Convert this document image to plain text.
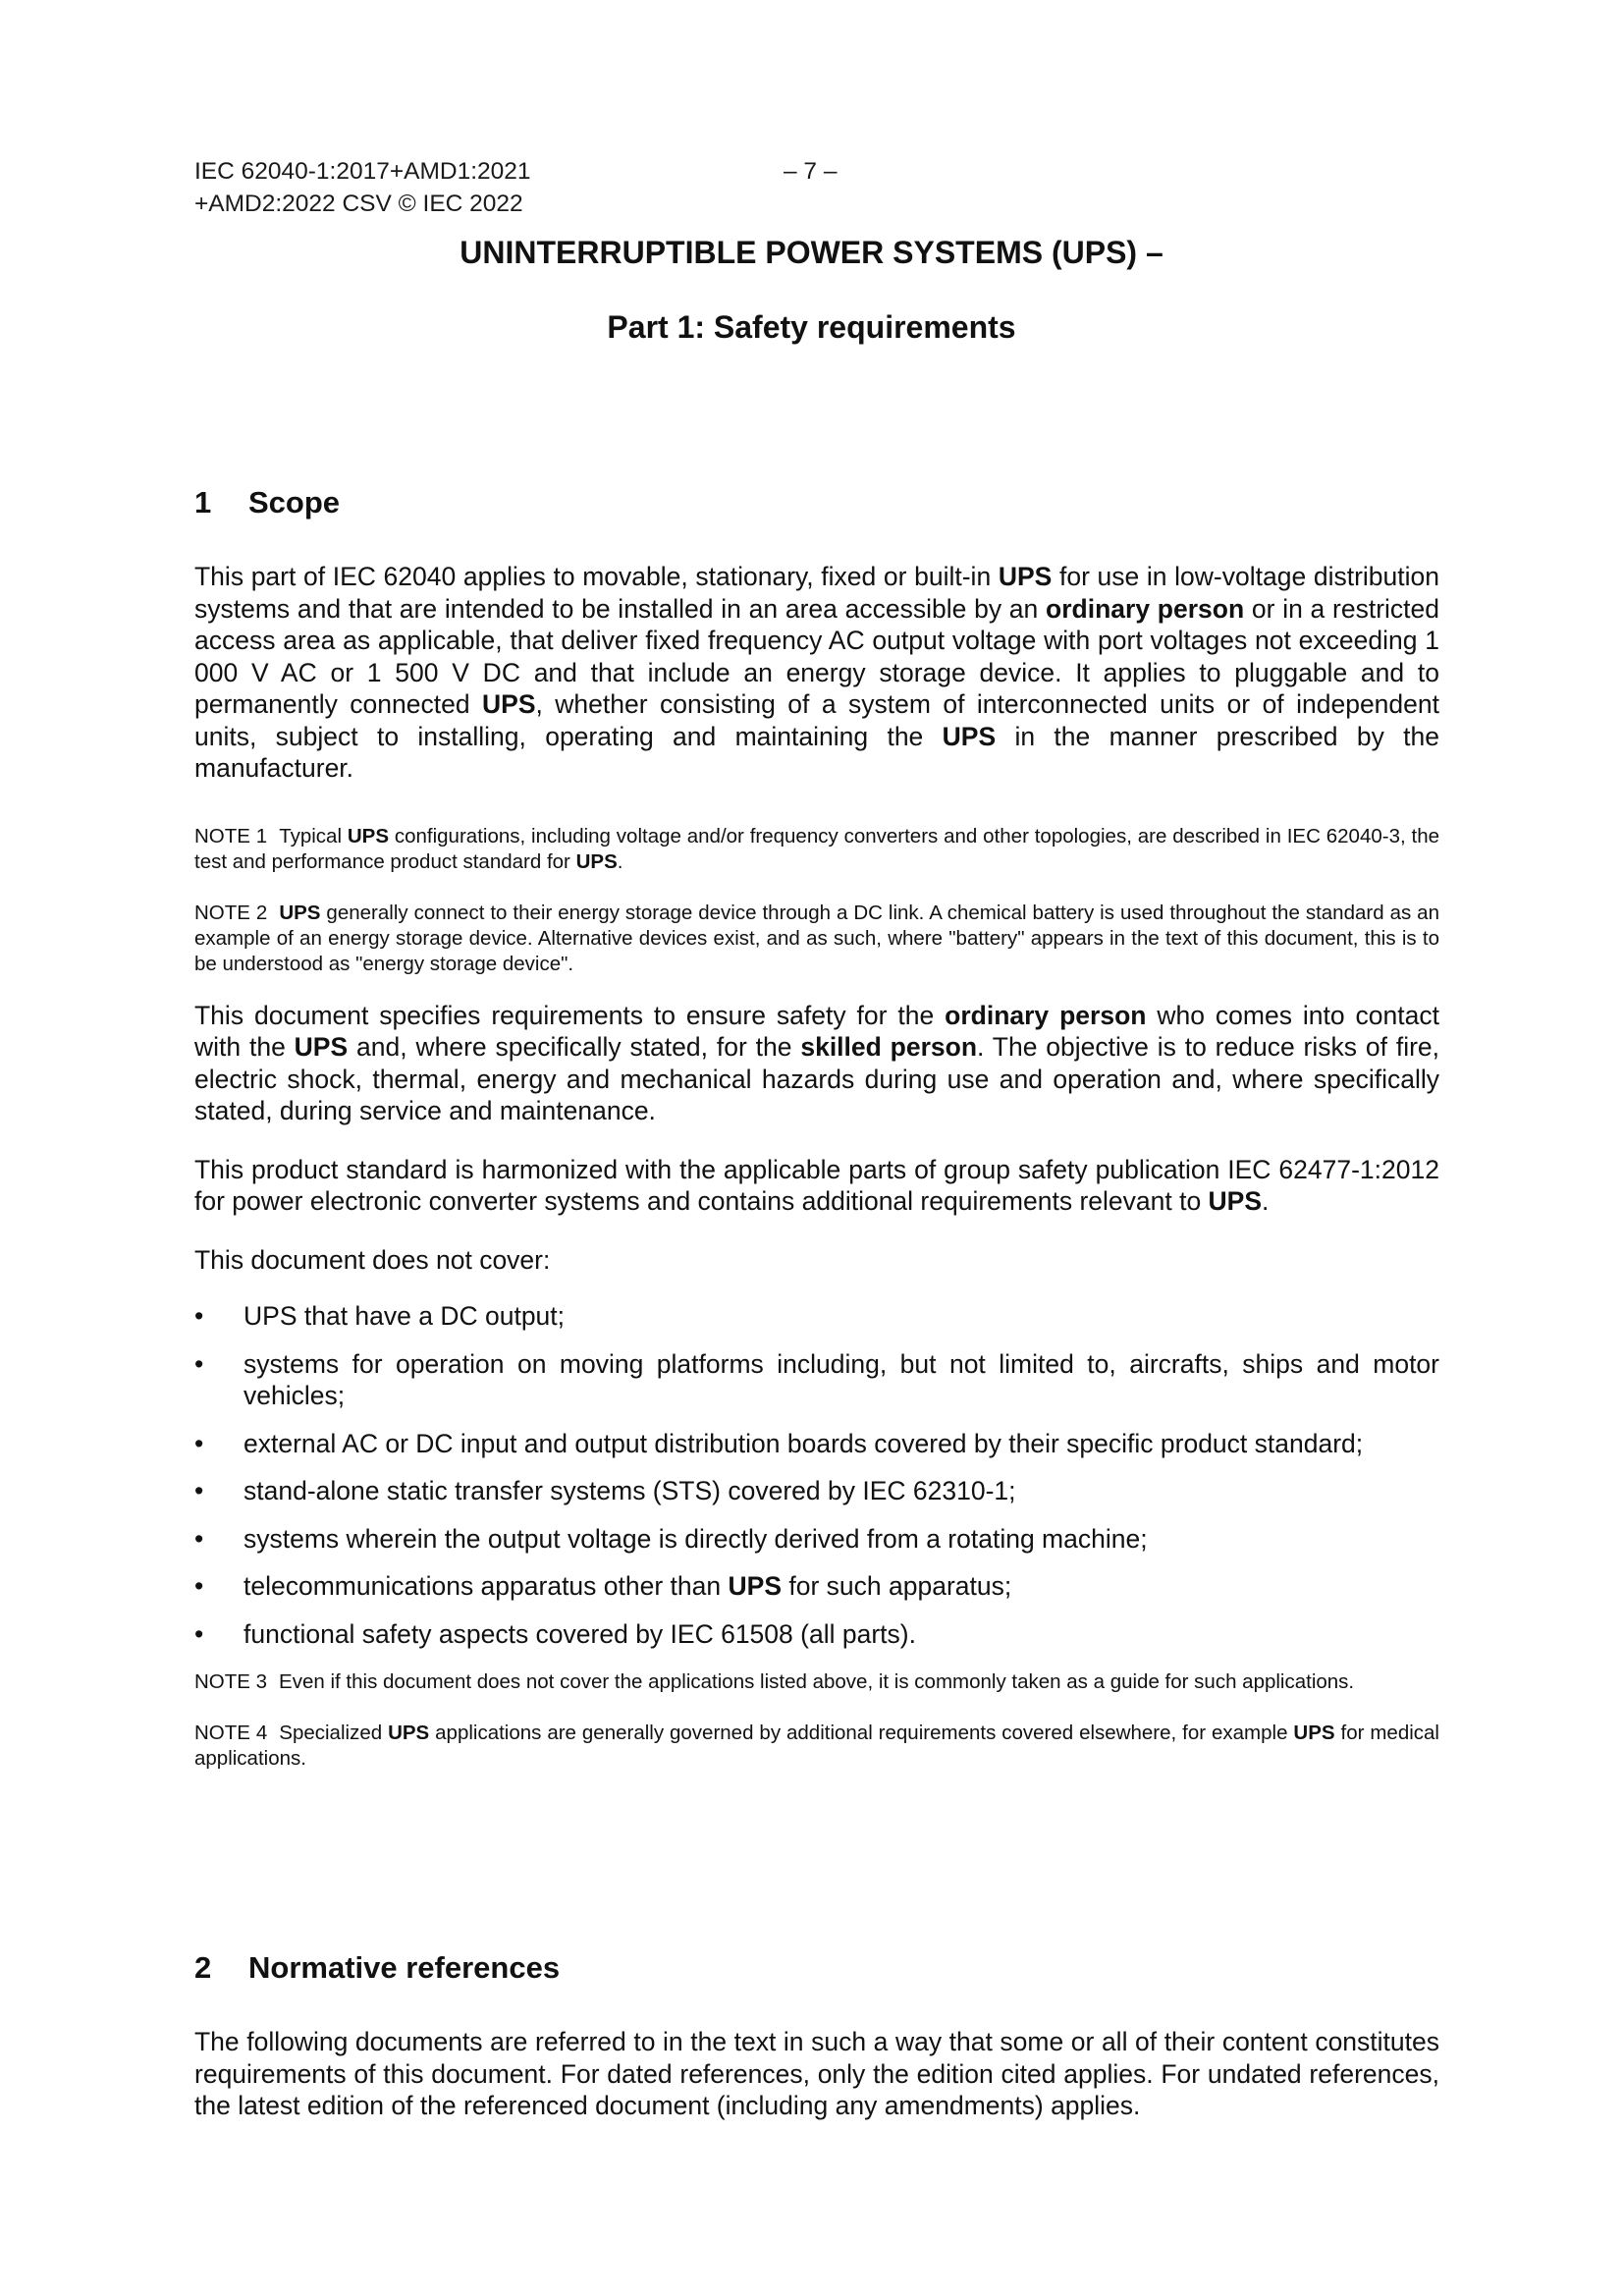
IEC 62040-1:2017+AMD1:2021
+AMD2:2022 CSV © IEC 2022
– 7 –
UNINTERRUPTIBLE POWER SYSTEMS (UPS) –
Part 1: Safety requirements
1 Scope

This part of IEC 62040 applies to movable, stationary, fixed or built-in UPS for use in low-voltage distribution systems and that are intended to be installed in an area accessible by an ordinary person or in a restricted access area as applicable, that deliver fixed frequency AC output voltage with port voltages not exceeding 1 000 V AC or 1 500 V DC and that include an energy storage device. It applies to pluggable and to permanently connected UPS, whether consisting of a system of interconnected units or of independent units, subject to installing, operating and maintaining the UPS in the manner prescribed by the manufacturer.

NOTE 1 Typical UPS configurations, including voltage and/or frequency converters and other topologies, are described in IEC 62040-3, the test and performance product standard for UPS.

NOTE 2 UPS generally connect to their energy storage device through a DC link. A chemical battery is used throughout the standard as an example of an energy storage device. Alternative devices exist, and as such, where "battery" appears in the text of this document, this is to be understood as "energy storage device".

This document specifies requirements to ensure safety for the ordinary person who comes into contact with the UPS and, where specifically stated, for the skilled person. The objective is to reduce risks of fire, electric shock, thermal, energy and mechanical hazards during use and operation and, where specifically stated, during service and maintenance.

This product standard is harmonized with the applicable parts of group safety publication IEC 62477-1:2012 for power electronic converter systems and contains additional requirements relevant to UPS.

This document does not cover:

• UPS that have a DC output;
• systems for operation on moving platforms including, but not limited to, aircrafts, ships and motor vehicles;
• external AC or DC input and output distribution boards covered by their specific product standard;
• stand-alone static transfer systems (STS) covered by IEC 62310-1;
• systems wherein the output voltage is directly derived from a rotating machine;
• telecommunications apparatus other than UPS for such apparatus;
• functional safety aspects covered by IEC 61508 (all parts).

NOTE 3 Even if this document does not cover the applications listed above, it is commonly taken as a guide for such applications.

NOTE 4 Specialized UPS applications are generally governed by additional requirements covered elsewhere, for example UPS for medical applications.

2 Normative references

The following documents are referred to in the text in such a way that some or all of their content constitutes requirements of this document. For dated references, only the edition cited applies. For undated references, the latest edition of the referenced document (including any amendments) applies.
